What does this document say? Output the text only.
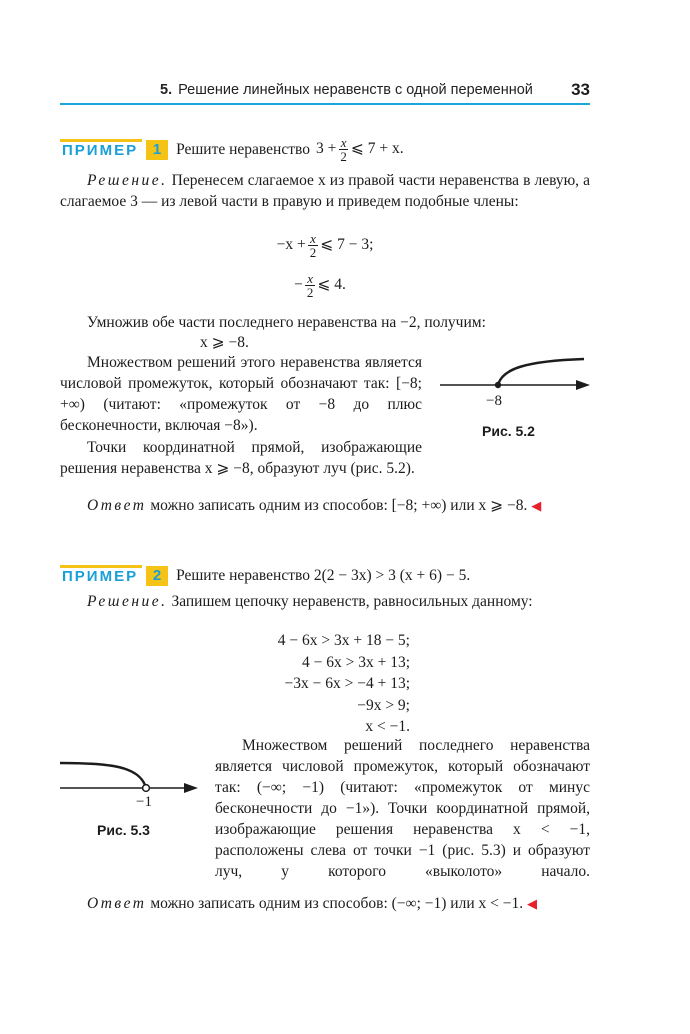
5. Решение линейных неравенств с одной переменной	33
ПРИМЕР 1 Решите неравенство $3 + \frac{x}{2}$ ⩽ 7 + x.

Решение. Перенесем слагаемое x из правой части неравенства в левую, а слагаемое 3 — из левой части в правую и приведем подобные члены:

$-x + \frac{x}{2}$ ⩽ 7 − 3;
− $\frac{x}{2}$ ⩽ 4.

Умножив обе части последнего неравенства на −2, получим:

x ⩾ −8.

Множеством решений этого неравенства является числовой промежуток, который обозначают так: [−8; +∞) (читают: «промежуток от −8 до плюс бесконечности, включая −8»).

Точки координатной прямой, изображающие решения неравенства x ⩾ −8, образуют луч (рис. 5.2).

−8
Рис. 5.2

Ответ можно записать одним из способов: [−8; +∞) или x ⩾ −8. ◀

ПРИМЕР 2 Решите неравенство 2(2 − 3x) > 3 (x + 6) − 5.

Решение. Запишем цепочку неравенств, равносильных данному:

4 − 6x > 3x + 18 − 5;
4 − 6x > 3x + 13;
−3x − 6x > −4 + 13;
−9x > 9;
x < −1.
−1
Рис. 5.3

Множеством решений последнего неравенства является числовой промежуток, который обозначают так: (−∞; −1) (читают: «промежуток от минус бесконечности до −1»). Точки координатной прямой, изображающие решения неравенства x < −1, расположены слева от точки −1 (рис. 5.3) и образуют луч, у которого «выколото» начало.

Ответ можно записать одним из способов: (−∞; −1) или x < −1. ◀
